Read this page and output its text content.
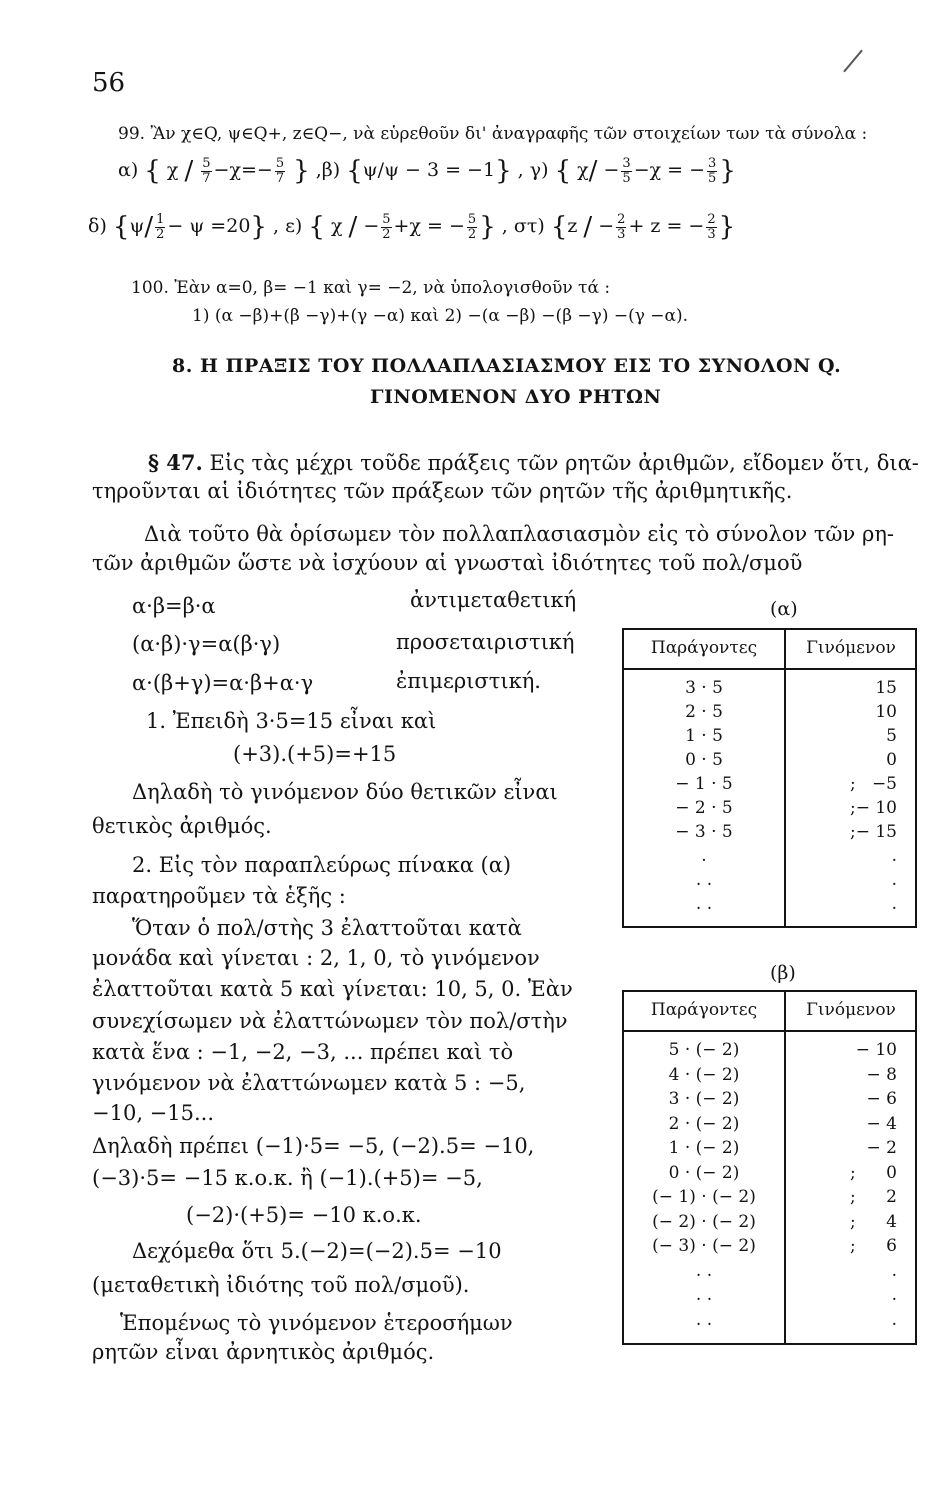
56
99. Ἂν χ∈Q, ψ∈Q+, z∈Q−, νὰ εὑρεθοῦν δι' ἀναγραφῆς τῶν στοιχείων των τὰ σύνολα :
α) { $\chi / \frac{5}{7} -\chi=- \frac{5}{7}$ } ,β) {ψ/ψ − 3 = −1} , γ) { $\chi/ - \frac{3}{5} -\chi$ = − $\frac{3}{5}$ }
δ) $\{\psi/ \frac{1}{2} - \psi =20\}$ , ε) { χ / − $\frac{5}{2} +\chi$ = − $\frac{5}{2}$ } , στ) {z / − $\frac{2}{3} + z$ = − $\frac{2}{3}$ }
100. Ἐὰν α=0, β= −1 καὶ γ= −2, νὰ ὑπολογισθοῦν τά :
1) (α −β)+(β −γ)+(γ −α) καὶ 2) −(α −β) −(β −γ) −(γ −α).
8. Η ΠΡΑΞΙΣ ΤΟΥ ΠΟΛΛΑΠΛΑΣΙΑΣΜΟΥ ΕΙΣ ΤΟ ΣΥΝΟΛΟΝ Q.
ΓΙΝΟΜΕΝΟΝ ΔΥΟ ΡΗΤΩΝ
§ 47. Εἰς τὰς μέχρι τοῦδε πράξεις τῶν ρητῶν ἀριθμῶν, εἴδομεν ὅτι, δια-
τηροῦνται αἱ ἰδιότητες τῶν πράξεων τῶν ρητῶν τῆς ἀριθμητικῆς.
Διὰ τοῦτο θὰ ὁρίσωμεν τὸν πολλαπλασιασμὸν εἰς τὸ σύνολον τῶν ρη-
τῶν ἀριθμῶν ὥστε νὰ ἰσχύουν αἱ γνωσταὶ ἰδιότητες τοῦ πολ/σμοῦ
α·β=β·α	ἀντιμεταθετική
(α·β)·γ=α(β·γ)	προσεταιριστική
α·(β+γ)=α·β+α·γ	ἐπιμεριστική.
1. Ἐπειδὴ 3·5=15 εἶναι καὶ
(+3).(+5)=+15
Δηλαδὴ τὸ γινόμενον δύο θετικῶν εἶναι
θετικὸς ἀριθμός.
2. Εἰς τὸν παραπλεύρως πίνακα (α)
παρατηροῦμεν τὰ ἑξῆς :
Ὅταν ὁ πολ/στὴς 3 ἐλαττοῦται κατὰ
μονάδα καὶ γίνεται : 2, 1, 0, τὸ γινόμενον
ἐλαττοῦται κατὰ 5 καὶ γίνεται: 10, 5, 0. Ἐὰν
συνεχίσωμεν νὰ ἐλαττώνωμεν τὸν πολ/στὴν
κατὰ ἕνα : −1, −2, −3, ... πρέπει καὶ τὸ
γινόμενον νὰ ἐλαττώνωμεν κατὰ 5 : −5,
−10, −15...
Δηλαδὴ πρέπει (−1)·5= −5, (−2).5= −10,
(−3)·5= −15 κ.ο.κ. ἢ (−1).(+5)= −5,
(−2)·(+5)= −10 κ.ο.κ.
Δεχόμεθα ὅτι 5.(−2)=(−2).5= −10
(μεταθετικὴ ἰδιότης τοῦ πολ/σμοῦ).
Ἑπομένως τὸ γινόμενον ἑτεροσήμων
ρητῶν εἶναι ἀρνητικὸς ἀριθμός.
(α)
Παράγοντες	Γινόμενον
3 · 5	15
2 · 5	10
1 · 5	5
0 · 5	0
− 1 · 5	; −5
− 2 · 5	; − 10
− 3 · 5	; − 15
.	.
. .	.
. .	.
(β)
Παράγοντες	Γινόμενον
5 · (− 2)	− 10
4 · (− 2)	− 8
3 · (− 2)	− 6
2 · (− 2)	− 4
1 · (− 2)	− 2
0 · (− 2)	; 0
(− 1) · (− 2)	; 2
(− 2) · (− 2)	; 4
(− 3) · (− 2)	; 6
. .	.
. .	.
. .	.
